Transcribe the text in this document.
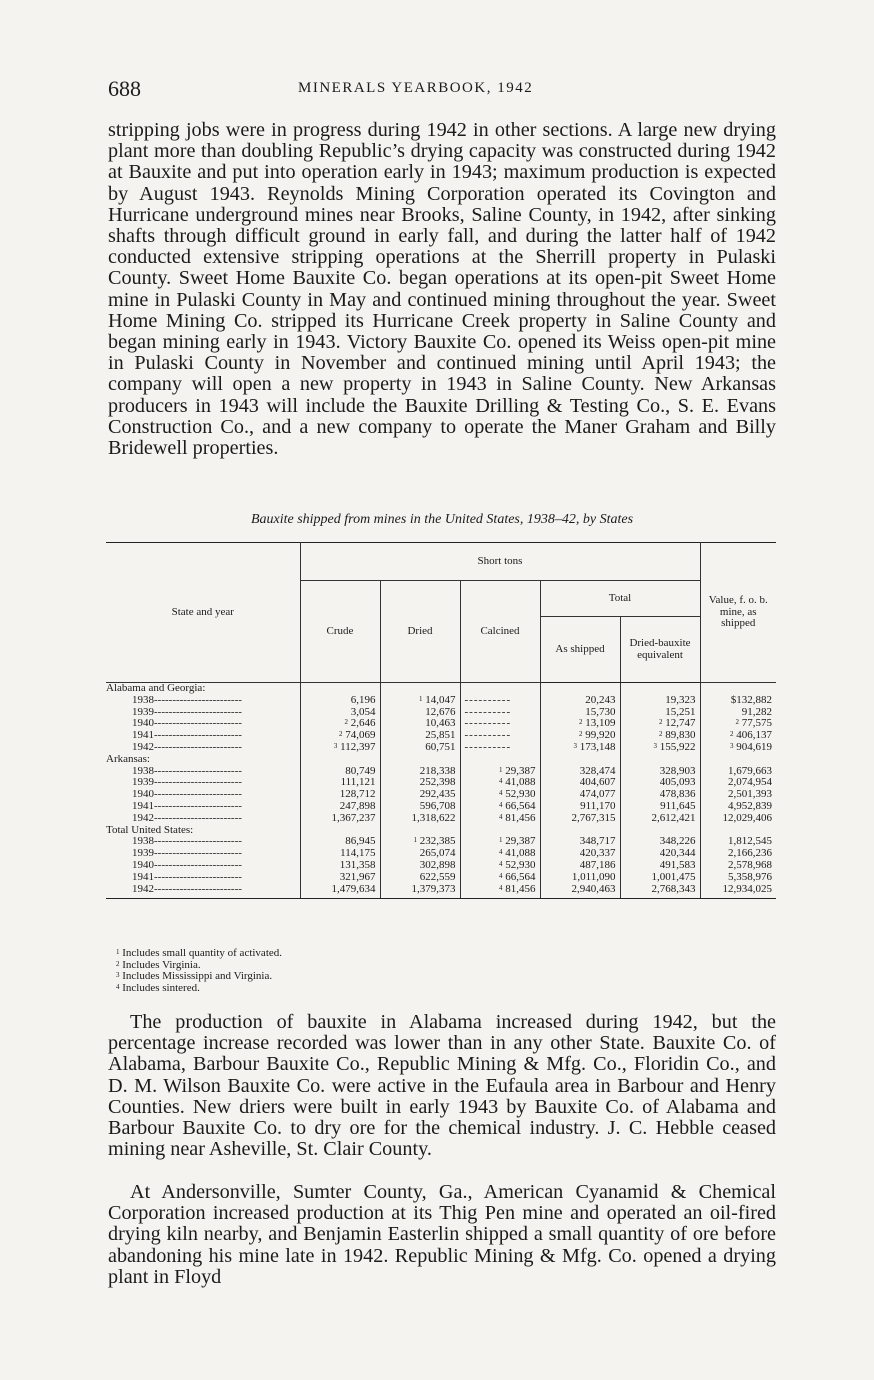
688	MINERALS YEARBOOK, 1942

stripping jobs were in progress during 1942 in other sections. A large new drying plant more than doubling Republic’s drying capacity was constructed during 1942 at Bauxite and put into operation early in 1943; maximum production is expected by August 1943. Reynolds Mining Corporation operated its Covington and Hurricane underground mines near Brooks, Saline County, in 1942, after sinking shafts through difficult ground in early fall, and during the latter half of 1942 conducted extensive stripping operations at the Sherrill property in Pulaski County. Sweet Home Bauxite Co. began operations at its open-pit Sweet Home mine in Pulaski County in May and continued mining throughout the year. Sweet Home Mining Co. stripped its Hurricane Creek property in Saline County and began mining early in 1943. Victory Bauxite Co. opened its Weiss open-pit mine in Pulaski County in November and continued mining until April 1943; the company will open a new property in 1943 in Saline County. New Arkansas producers in 1943 will include the Bauxite Drilling & Testing Co., S. E. Evans Construction Co., and a new company to operate the Maner Graham and Billy Bridewell properties.

Bauxite shipped from mines in the United States, 1938–42, by States
State and year	Short tons					Value, f. o. b. mine, as shipped
	Crude	Dried	Calcined	Total		
				As shipped	Dried-bauxite equivalent	
Alabama and Georgia:						
1938------------------------	6,196	$^1$ 14,047	----------	20,243	19,323	$132,882
1939------------------------	3,054	12,676	----------	15,730	15,251	91,282
1940------------------------	$^2$ 2,646	10,463	----------	$^2$ 13,109	$^2$ 12,747	$^2$ 77,575
1941------------------------	$^2$ 74,069	25,851	----------	$^2$ 99,920	$^2$ 89,830	$^2$ 406,137
1942------------------------	$^3$ 112,397	60,751	----------	$^3$ 173,148	$^3$ 155,922	$^3$ 904,619
Arkansas:						
1938------------------------	80,749	218,338	$^1$ 29,387	328,474	328,903	1,679,663
1939------------------------	111,121	252,398	$^4$ 41,088	404,607	405,093	2,074,954
1940------------------------	128,712	292,435	$^4$ 52,930	474,077	478,836	2,501,393
1941------------------------	247,898	596,708	$^4$ 66,564	911,170	911,645	4,952,839
1942------------------------	1,367,237	1,318,622	$^4$ 81,456	2,767,315	2,612,421	12,029,406
Total United States:						
1938------------------------	86,945	$^1$ 232,385	$^1$ 29,387	348,717	348,226	1,812,545
1939------------------------	114,175	265,074	$^4$ 41,088	420,337	420,344	2,166,236
1940------------------------	131,358	302,898	$^4$ 52,930	487,186	491,583	2,578,968
1941------------------------	321,967	622,559	$^4$ 66,564	1,011,090	1,001,475	5,358,976
1942------------------------	1,479,634	1,379,373	$^4$ 81,456	2,940,463	2,768,343	12,934,025
$^1$ Includes small quantity of activated.
$^2$ Includes Virginia.
$^3$ Includes Mississippi and Virginia.
$^4$ Includes sintered.

The production of bauxite in Alabama increased during 1942, but the percentage increase recorded was lower than in any other State. Bauxite Co. of Alabama, Barbour Bauxite Co., Republic Mining & Mfg. Co., Floridin Co., and D. M. Wilson Bauxite Co. were active in the Eufaula area in Barbour and Henry Counties. New driers were built in early 1943 by Bauxite Co. of Alabama and Barbour Bauxite Co. to dry ore for the chemical industry. J. C. Hebble ceased mining near Asheville, St. Clair County.

At Andersonville, Sumter County, Ga., American Cyanamid & Chemical Corporation increased production at its Thig Pen mine and operated an oil-fired drying kiln nearby, and Benjamin Easterlin shipped a small quantity of ore before abandoning his mine late in 1942. Republic Mining & Mfg. Co. opened a drying plant in Floyd
